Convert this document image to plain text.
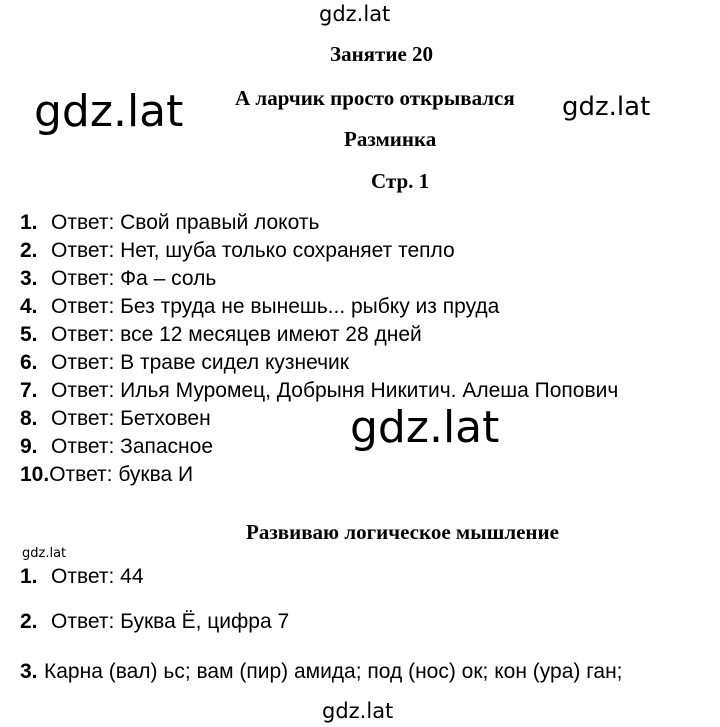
gdz.lat
gdz.lat	gdz.lat
gdz.lat
gdz.lat
gdz.lat
Занятие 20
А ларчик просто открывался
Разминка
Стр. 1
1. Ответ: Свой правый локоть
2. Ответ: Нет, шуба только сохраняет тепло
3. Ответ: Фа – соль
4. Ответ: Без труда не вынешь... рыбку из пруда
5. Ответ: все 12 месяцев имеют 28 дней
6. Ответ: В траве сидел кузнечик
7. Ответ: Илья Муромец, Добрыня Никитич. Алеша Попович
8. Ответ: Бетховен
9. Ответ: Запасное
10.Ответ: буква И
Развиваю логическое мышление
1. Ответ: 44
2. Ответ: Буква Ё, цифра 7
3. Карна (вал) ьс; вам (пир) амида; под (нос) ок; кон (ура) ган;
